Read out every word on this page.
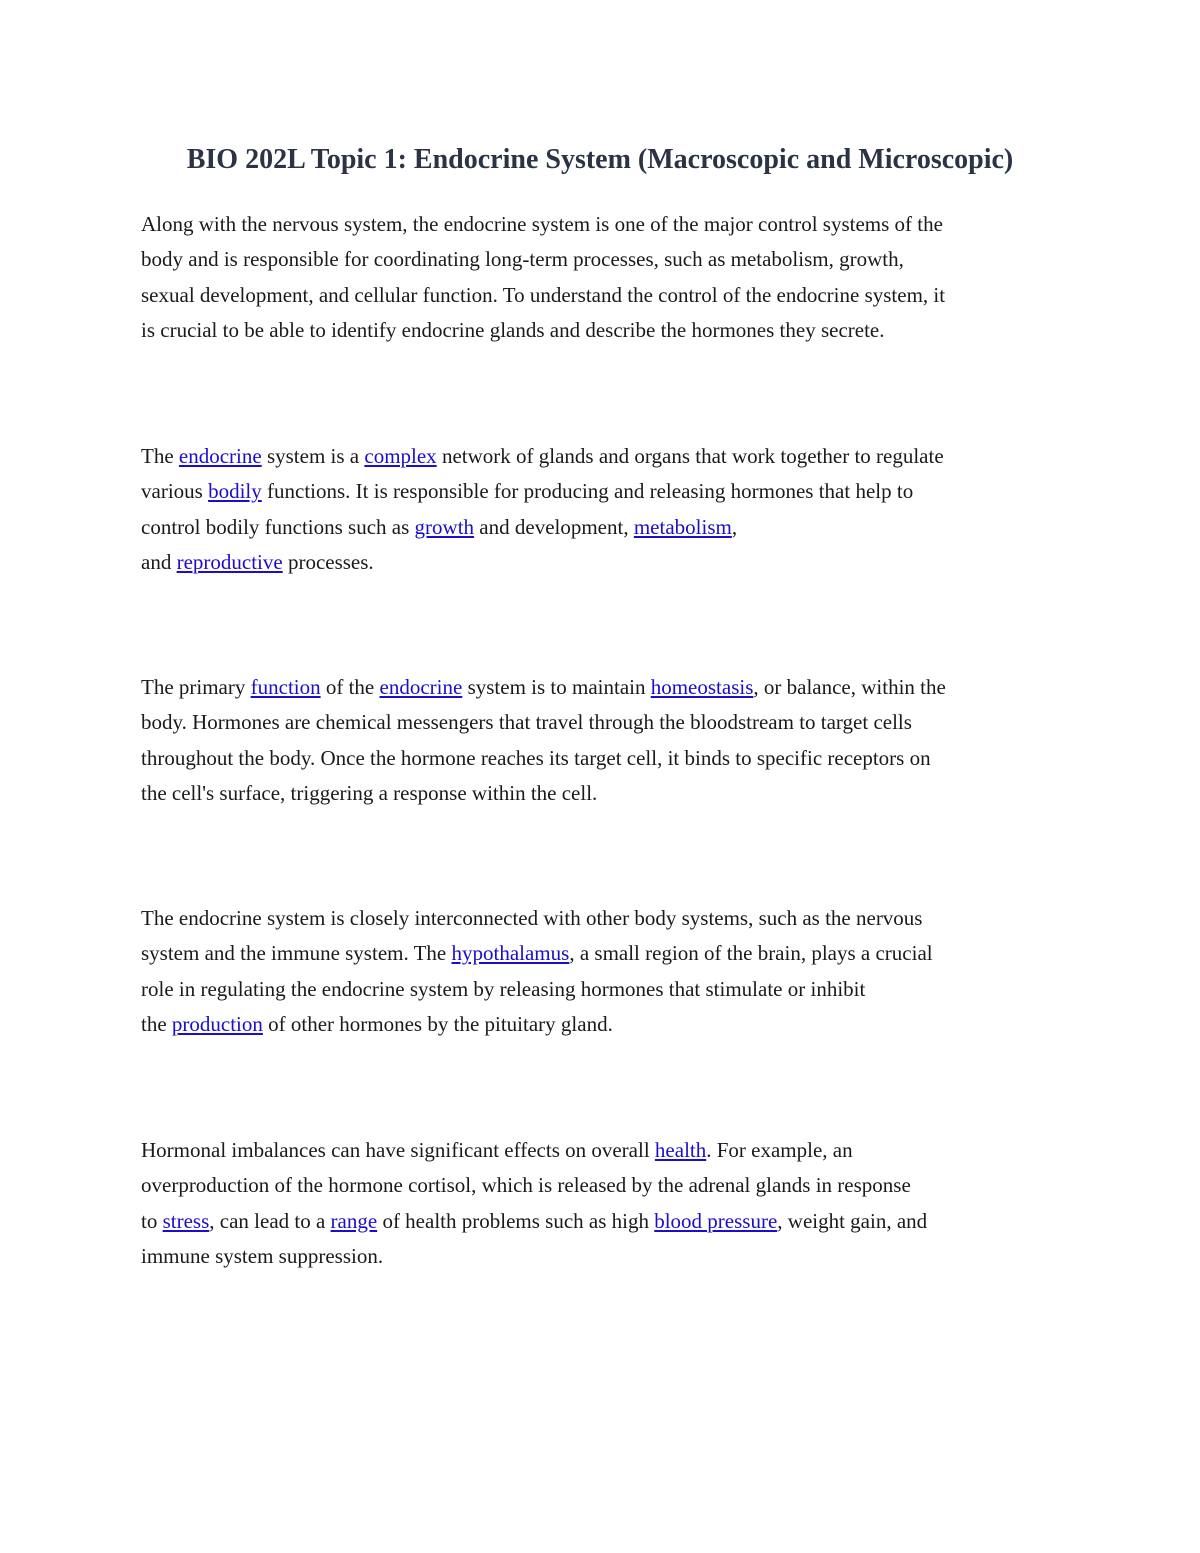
BIO 202L Topic 1: Endocrine System (Macroscopic and Microscopic)

Along with the nervous system, the endocrine system is one of the major control systems of the
body and is responsible for coordinating long-term processes, such as metabolism, growth,
sexual development, and cellular function. To understand the control of the endocrine system, it
is crucial to be able to identify endocrine glands and describe the hormones they secrete.

The endocrine system is a complex network of glands and organs that work together to regulate
various bodily functions. It is responsible for producing and releasing hormones that help to
control bodily functions such as growth and development, metabolism,
and reproductive processes.

The primary function of the endocrine system is to maintain homeostasis, or balance, within the
body. Hormones are chemical messengers that travel through the bloodstream to target cells
throughout the body. Once the hormone reaches its target cell, it binds to specific receptors on
the cell's surface, triggering a response within the cell.

The endocrine system is closely interconnected with other body systems, such as the nervous
system and the immune system. The hypothalamus, a small region of the brain, plays a crucial
role in regulating the endocrine system by releasing hormones that stimulate or inhibit
the production of other hormones by the pituitary gland.

Hormonal imbalances can have significant effects on overall health. For example, an
overproduction of the hormone cortisol, which is released by the adrenal glands in response
to stress, can lead to a range of health problems such as high blood pressure, weight gain, and
immune system suppression.
